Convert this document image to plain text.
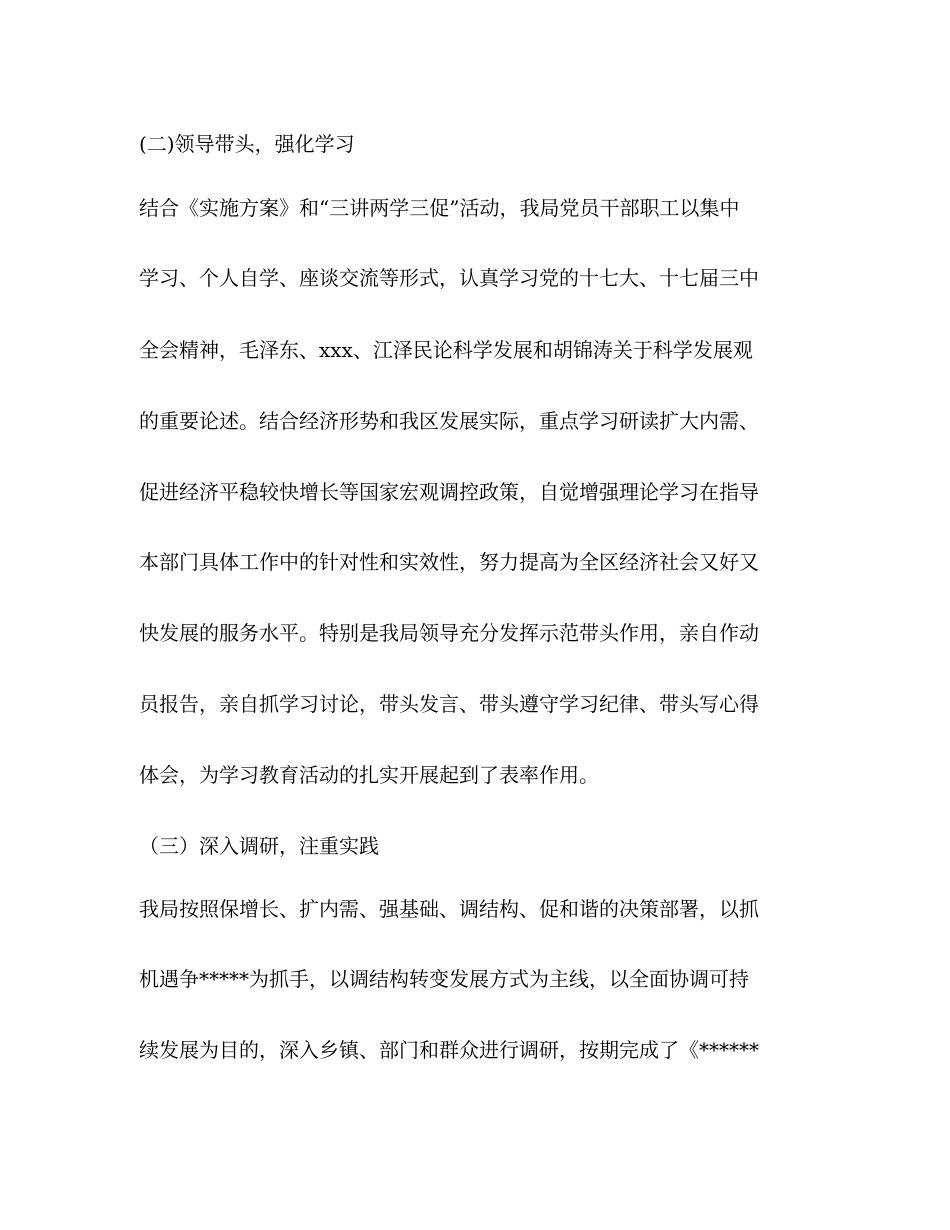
(二)领导带头，强化学习
结合《实施方案》和“三讲两学三促”活动，我局党员干部职工以集中
学习、个人自学、座谈交流等形式，认真学习党的十七大、十七届三中
全会精神，毛泽东、xxx、江泽民论科学发展和胡锦涛关于科学发展观
的重要论述。结合经济形势和我区发展实际，重点学习研读扩大内需、
促进经济平稳较快增长等国家宏观调控政策，自觉增强理论学习在指导
本部门具体工作中的针对性和实效性，努力提高为全区经济社会又好又
快发展的服务水平。特别是我局领导充分发挥示范带头作用，亲自作动
员报告，亲自抓学习讨论，带头发言、带头遵守学习纪律、带头写心得
体会，为学习教育活动的扎实开展起到了表率作用。
（三）深入调研，注重实践
我局按照保增长、扩内需、强基础、调结构、促和谐的决策部署，以抓
机遇争*****为抓手，以调结构转变发展方式为主线，以全面协调可持
续发展为目的，深入乡镇、部门和群众进行调研，按期完成了《******
